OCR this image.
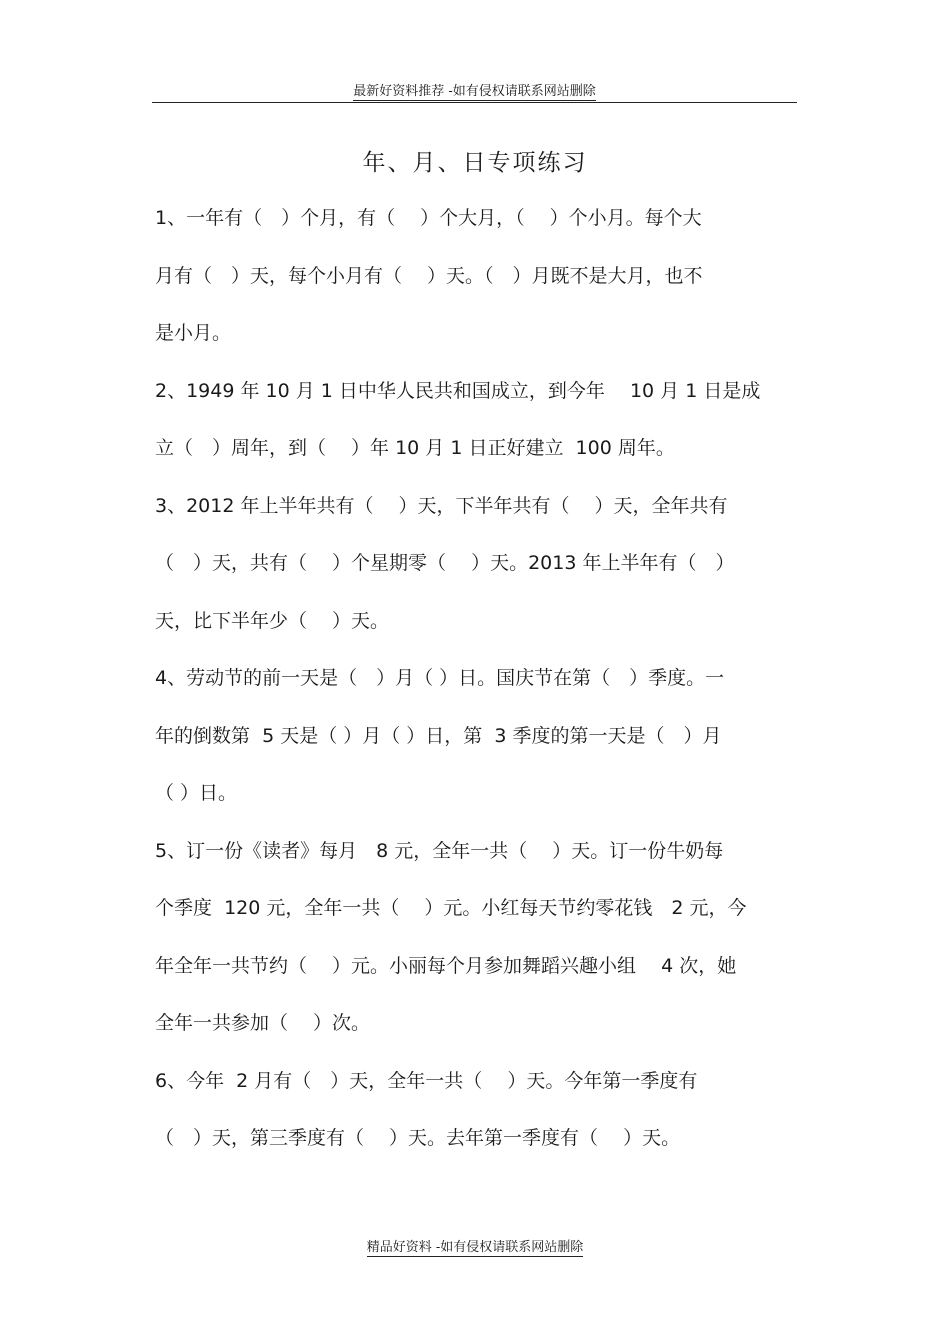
最新好资料推荐 -如有侵权请联系网站删除
年、月、日专项练习
1、一年有（　）个月，有（　 ）个大月，（　 ）个小月。每个大
月有（　）天，每个小月有（　 ）天。（　）月既不是大月，也不
是小月。
2、1949 年 10 月 1 日中华人民共和国成立，到今年　 10 月 1 日是成
立（　）周年，到（　 ）年 10 月 1 日正好建立  100 周年。
3、2012 年上半年共有（　 ）天，下半年共有（　 ）天，全年共有
（　）天，共有（　 ）个星期零（　 ）天。2013 年上半年有（　）
天，比下半年少（　 ）天。
4、劳动节的前一天是（　）月（ ）日。国庆节在第（　）季度。一
年的倒数第  5 天是（ ）月（ ）日，第  3 季度的第一天是（　）月
（ ）日。
5、订一份《读者》每月　8 元，全年一共（　 ）天。订一份牛奶每
个季度  120 元，全年一共（　 ）元。小红每天节约零花钱　2 元，今
年全年一共节约（　 ）元。小丽每个月参加舞蹈兴趣小组　 4 次，她
全年一共参加（　 ）次。
6、今年  2 月有（　）天，全年一共（　 ）天。今年第一季度有
（　）天，第三季度有（　 ）天。去年第一季度有（　 ）天。
精品好资料 -如有侵权请联系网站删除
